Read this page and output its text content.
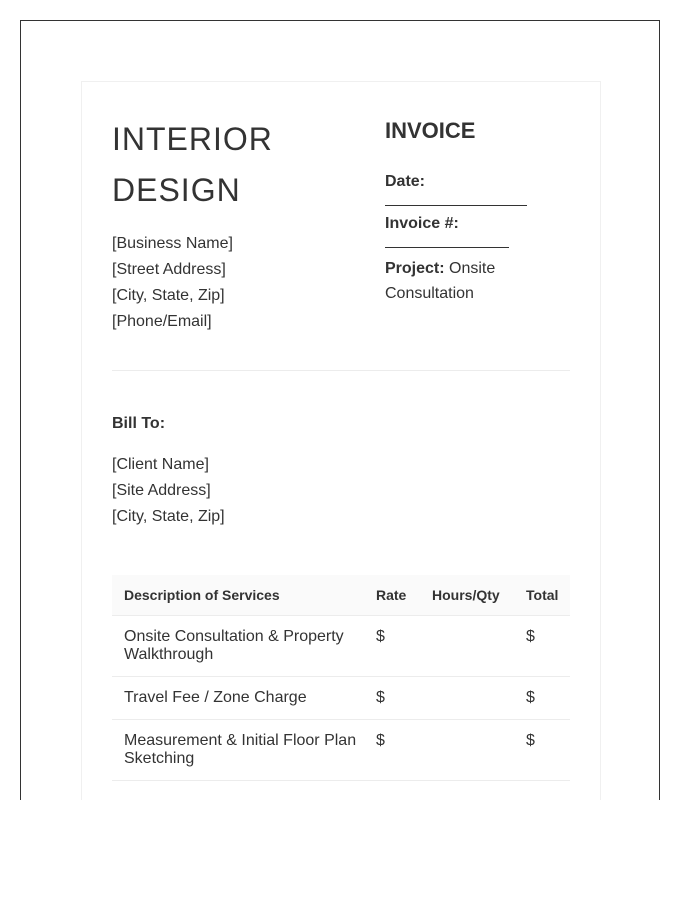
INTERIOR
DESIGN
[Business Name]
[Street Address]
[City, State, Zip]
[Phone/Email]
INVOICE
Date:
Invoice #:
Project: Onsite Consultation
Bill To:
[Client Name]
[Site Address]
[City, State, Zip]
Description of Services	Rate	Hours/Qty	Total
Onsite Consultation & Property Walkthrough	$		$
Travel Fee / Zone Charge	$		$
Measurement & Initial Floor Plan Sketching	$		$
